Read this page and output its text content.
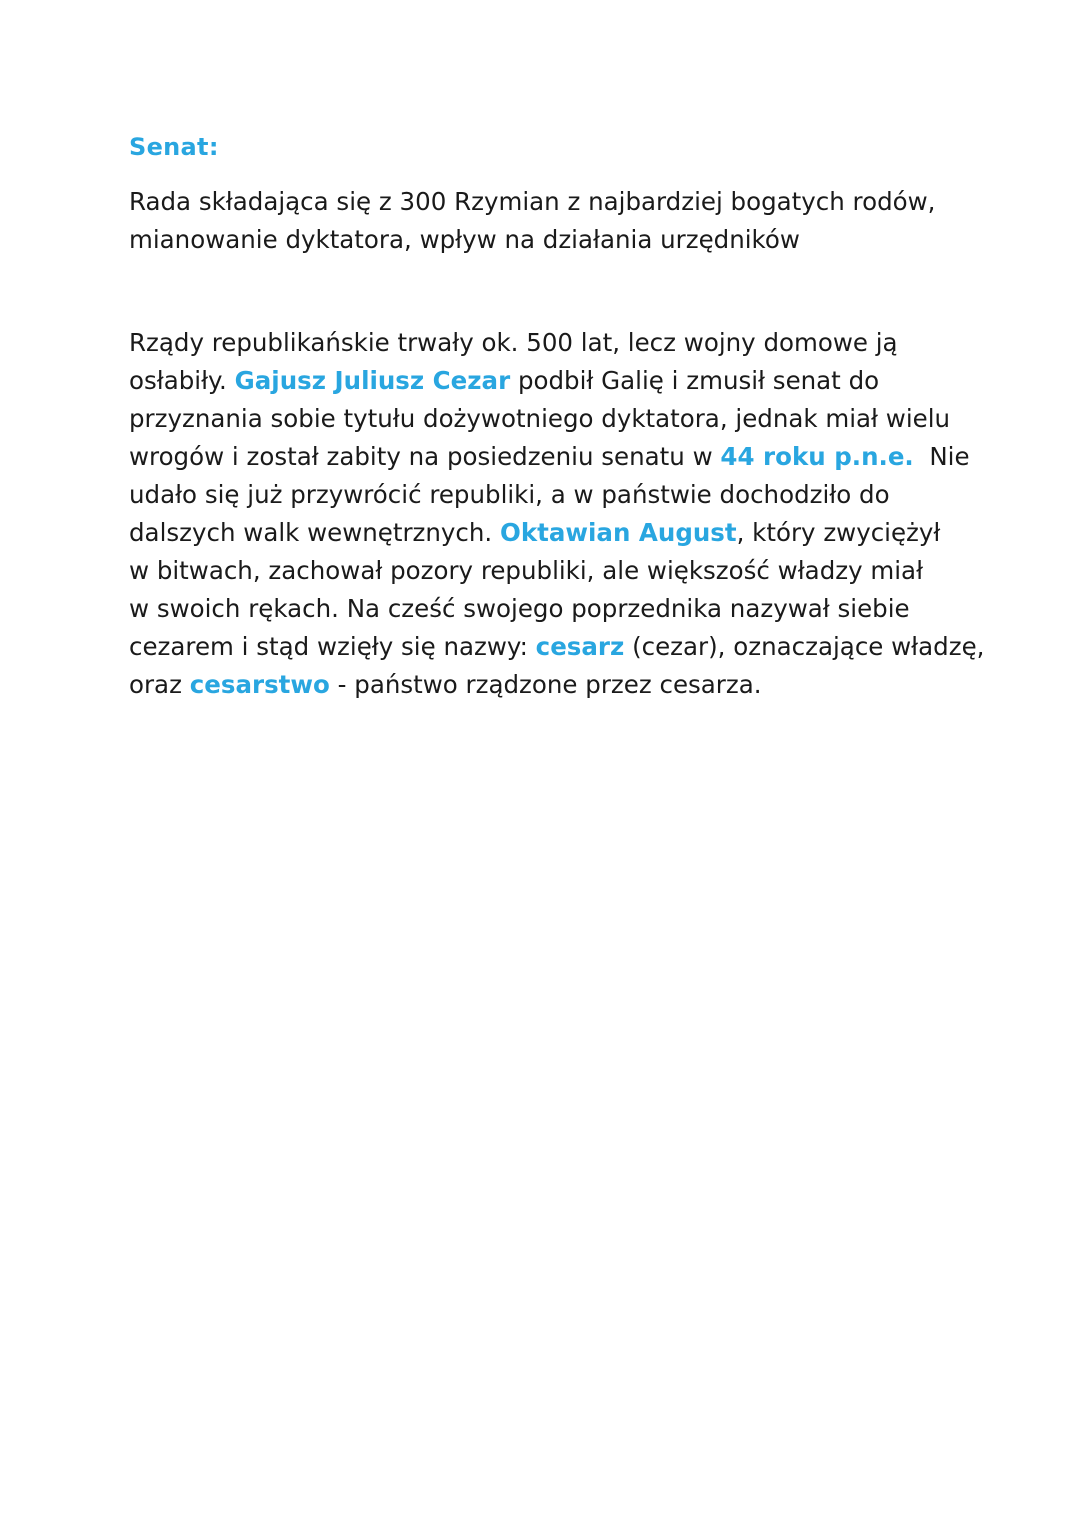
Senat:

Rada składająca się z 300 Rzymian z najbardziej bogatych rodów,
mianowanie dyktatora, wpływ na działania urzędników

Rządy republikańskie trwały ok. 500 lat, lecz wojny domowe ją
osłabiły. Gajusz Juliusz Cezar podbił Galię i zmusił senat do
przyznania sobie tytułu dożywotniego dyktatora, jednak miał wielu
wrogów i został zabity na posiedzeniu senatu w 44 roku p.n.e. Nie
udało się już przywrócić republiki, a w państwie dochodziło do
dalszych walk wewnętrznych. Oktawian August, który zwyciężył
w bitwach, zachował pozory republiki, ale większość władzy miał
w swoich rękach. Na cześć swojego poprzednika nazywał siebie
cezarem i stąd wzięły się nazwy: cesarz (cezar), oznaczające władzę,
oraz cesarstwo - państwo rządzone przez cesarza.
